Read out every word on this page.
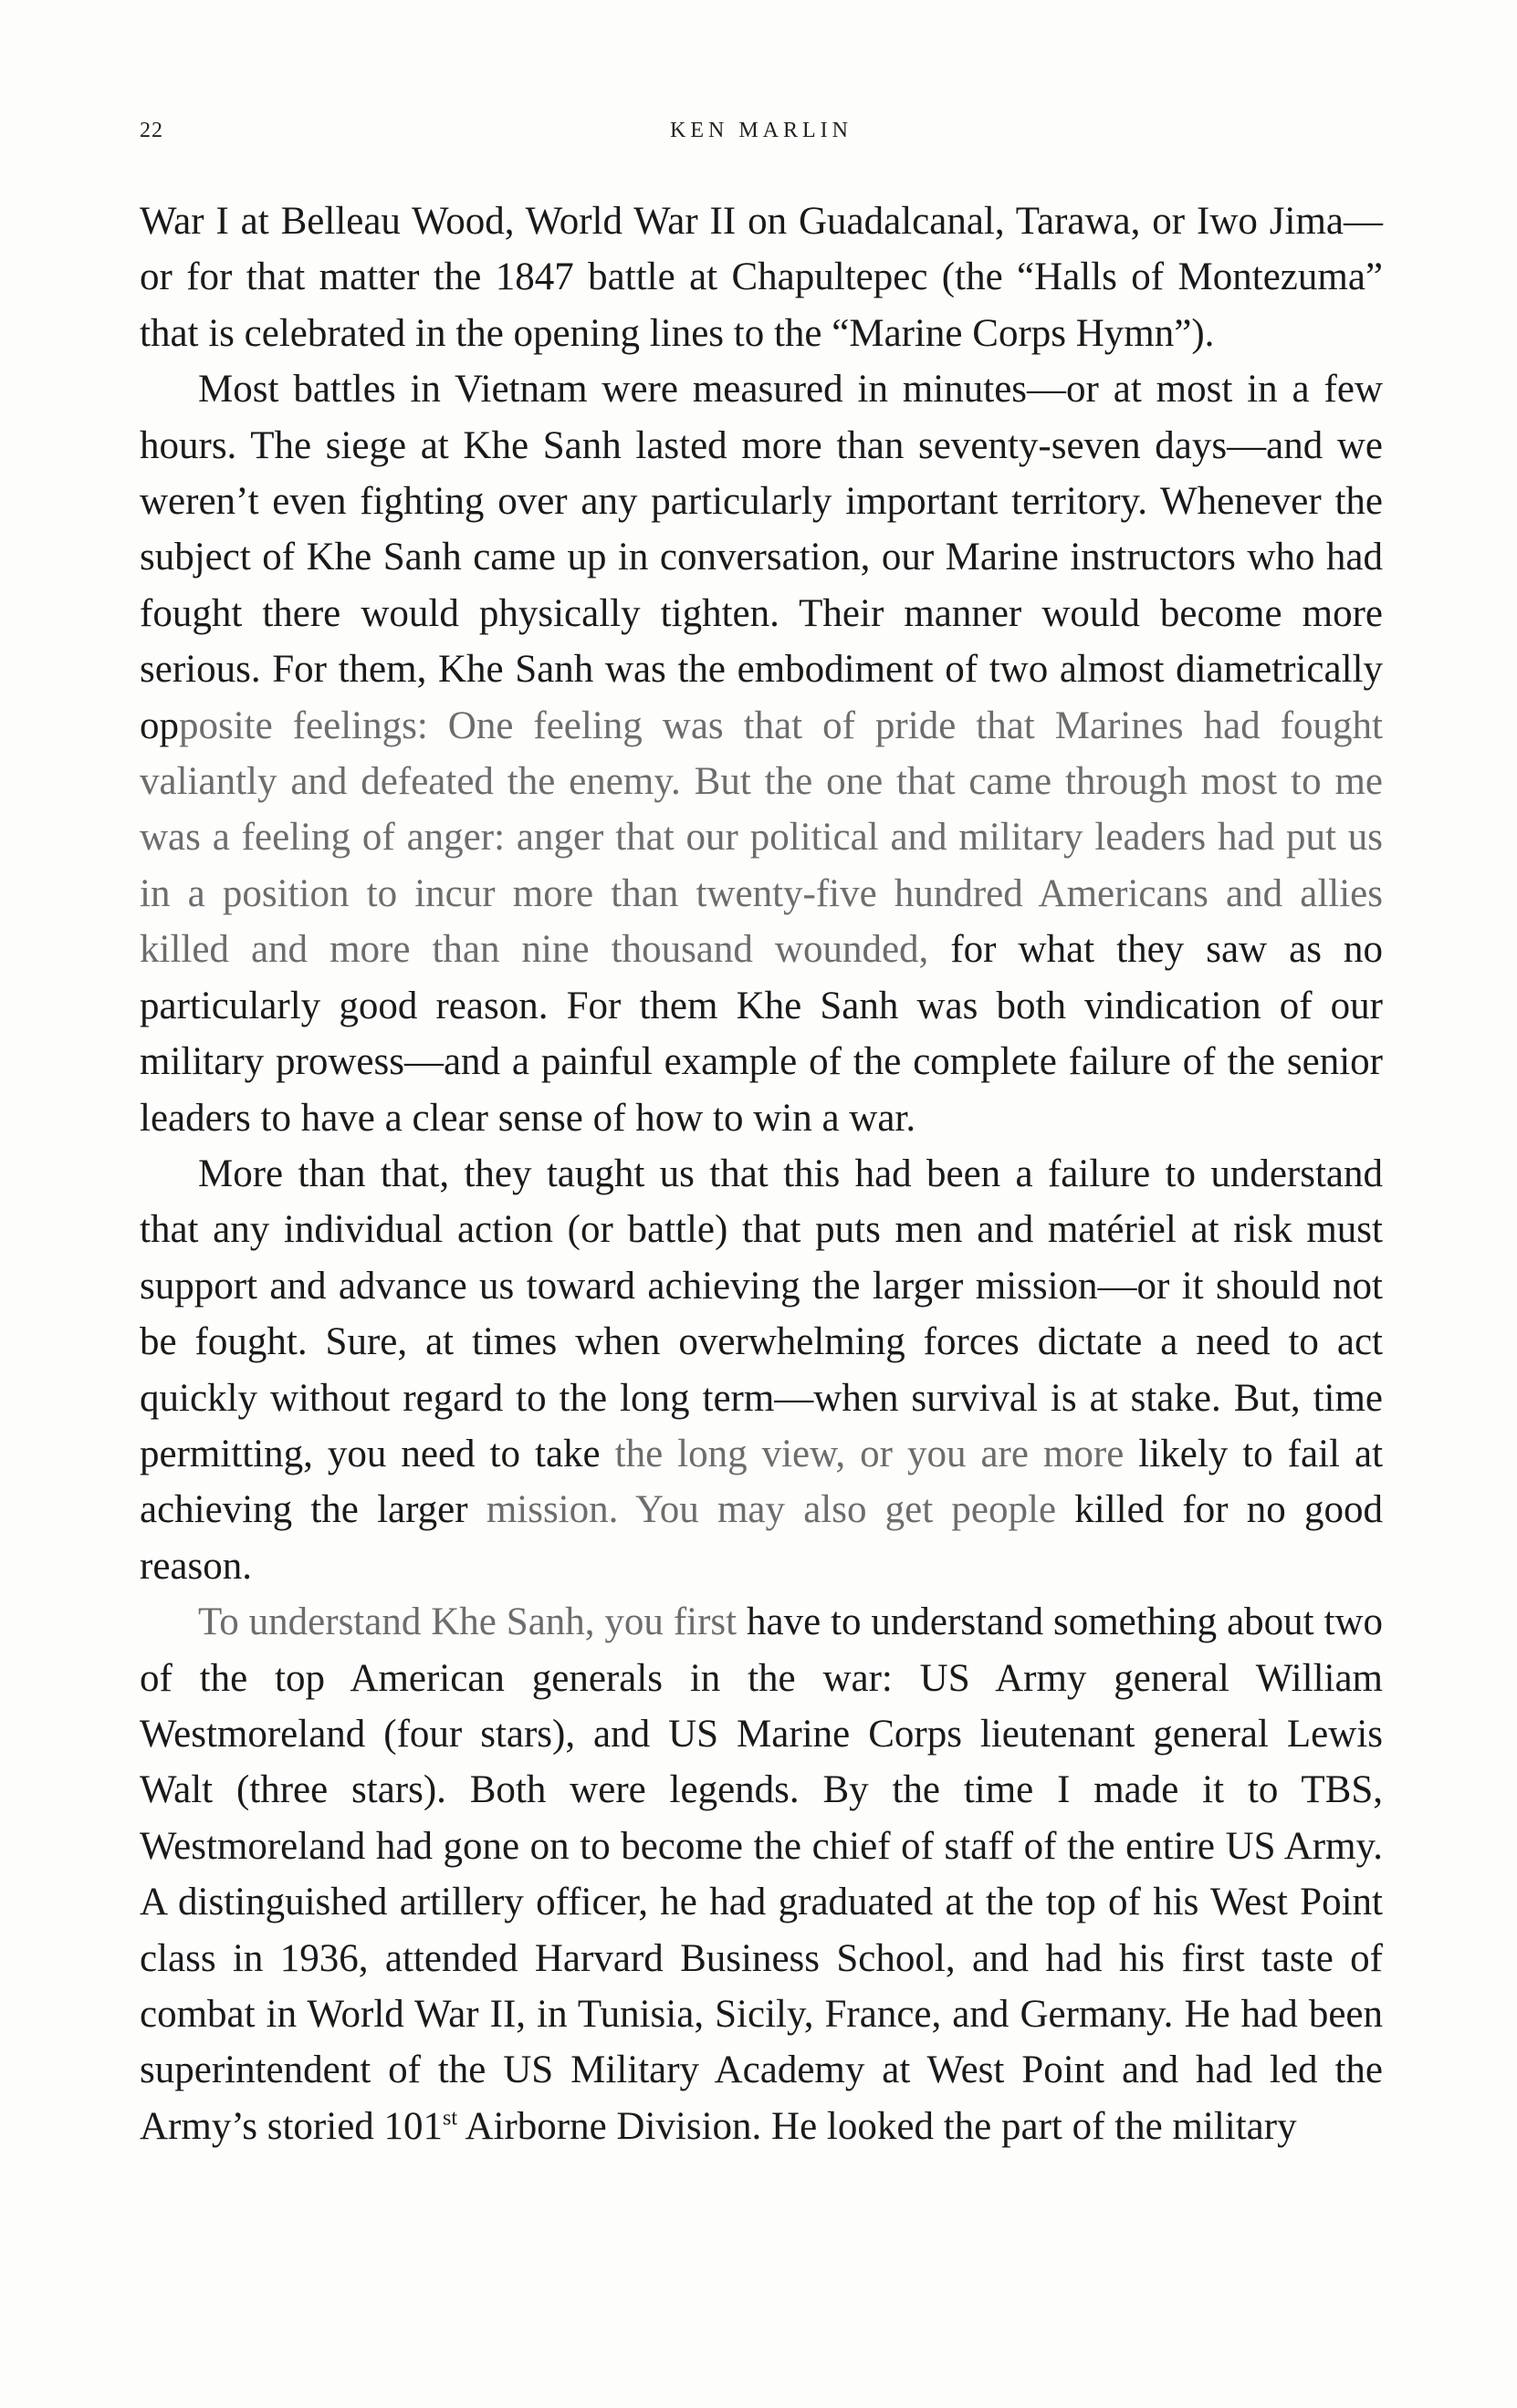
22	KEN MARLIN

War I at Belleau Wood, World War II on Guadalcanal, Tarawa, or Iwo Jima—or for that matter the 1847 battle at Chapultepec (the “Halls of Montezuma” that is celebrated in the opening lines to the “Marine Corps Hymn”).

Most battles in Vietnam were measured in minutes—or at most in a few hours. The siege at Khe Sanh lasted more than seventy-seven days—and we weren’t even fighting over any particularly important territory. Whenever the subject of Khe Sanh came up in conversation, our Marine instructors who had fought there would physically tighten. Their manner would become more serious. For them, Khe Sanh was the embodiment of two almost diametrically opposite feelings: One feeling was that of pride that Marines had fought valiantly and defeated the enemy. But the one that came through most to me was a feeling of anger: anger that our political and military leaders had put us in a position to incur more than twenty-five hundred Americans and allies killed and more than nine thousand wounded, for what they saw as no particularly good reason. For them Khe Sanh was both vindication of our military prowess—and a painful example of the complete failure of the senior leaders to have a clear sense of how to win a war.

More than that, they taught us that this had been a failure to understand that any individual action (or battle) that puts men and matériel at risk must support and advance us toward achieving the larger mission—or it should not be fought. Sure, at times when overwhelming forces dictate a need to act quickly without regard to the long term—when survival is at stake. But, time permitting, you need to take the long view, or you are more likely to fail at achieving the larger mission. You may also get people killed for no good reason.

To understand Khe Sanh, you first have to understand something about two of the top American generals in the war: US Army general William Westmoreland (four stars), and US Marine Corps lieutenant general Lewis Walt (three stars). Both were legends. By the time I made it to TBS, Westmoreland had gone on to become the chief of staff of the entire US Army. A distinguished artillery officer, he had graduated at the top of his West Point class in 1936, attended Harvard Business School, and had his first taste of combat in World War II, in Tunisia, Sicily, France, and Germany. He had been superintendent of the US Military Academy at West Point and had led the Army’s storied 101st Airborne Division. He looked the part of the military
